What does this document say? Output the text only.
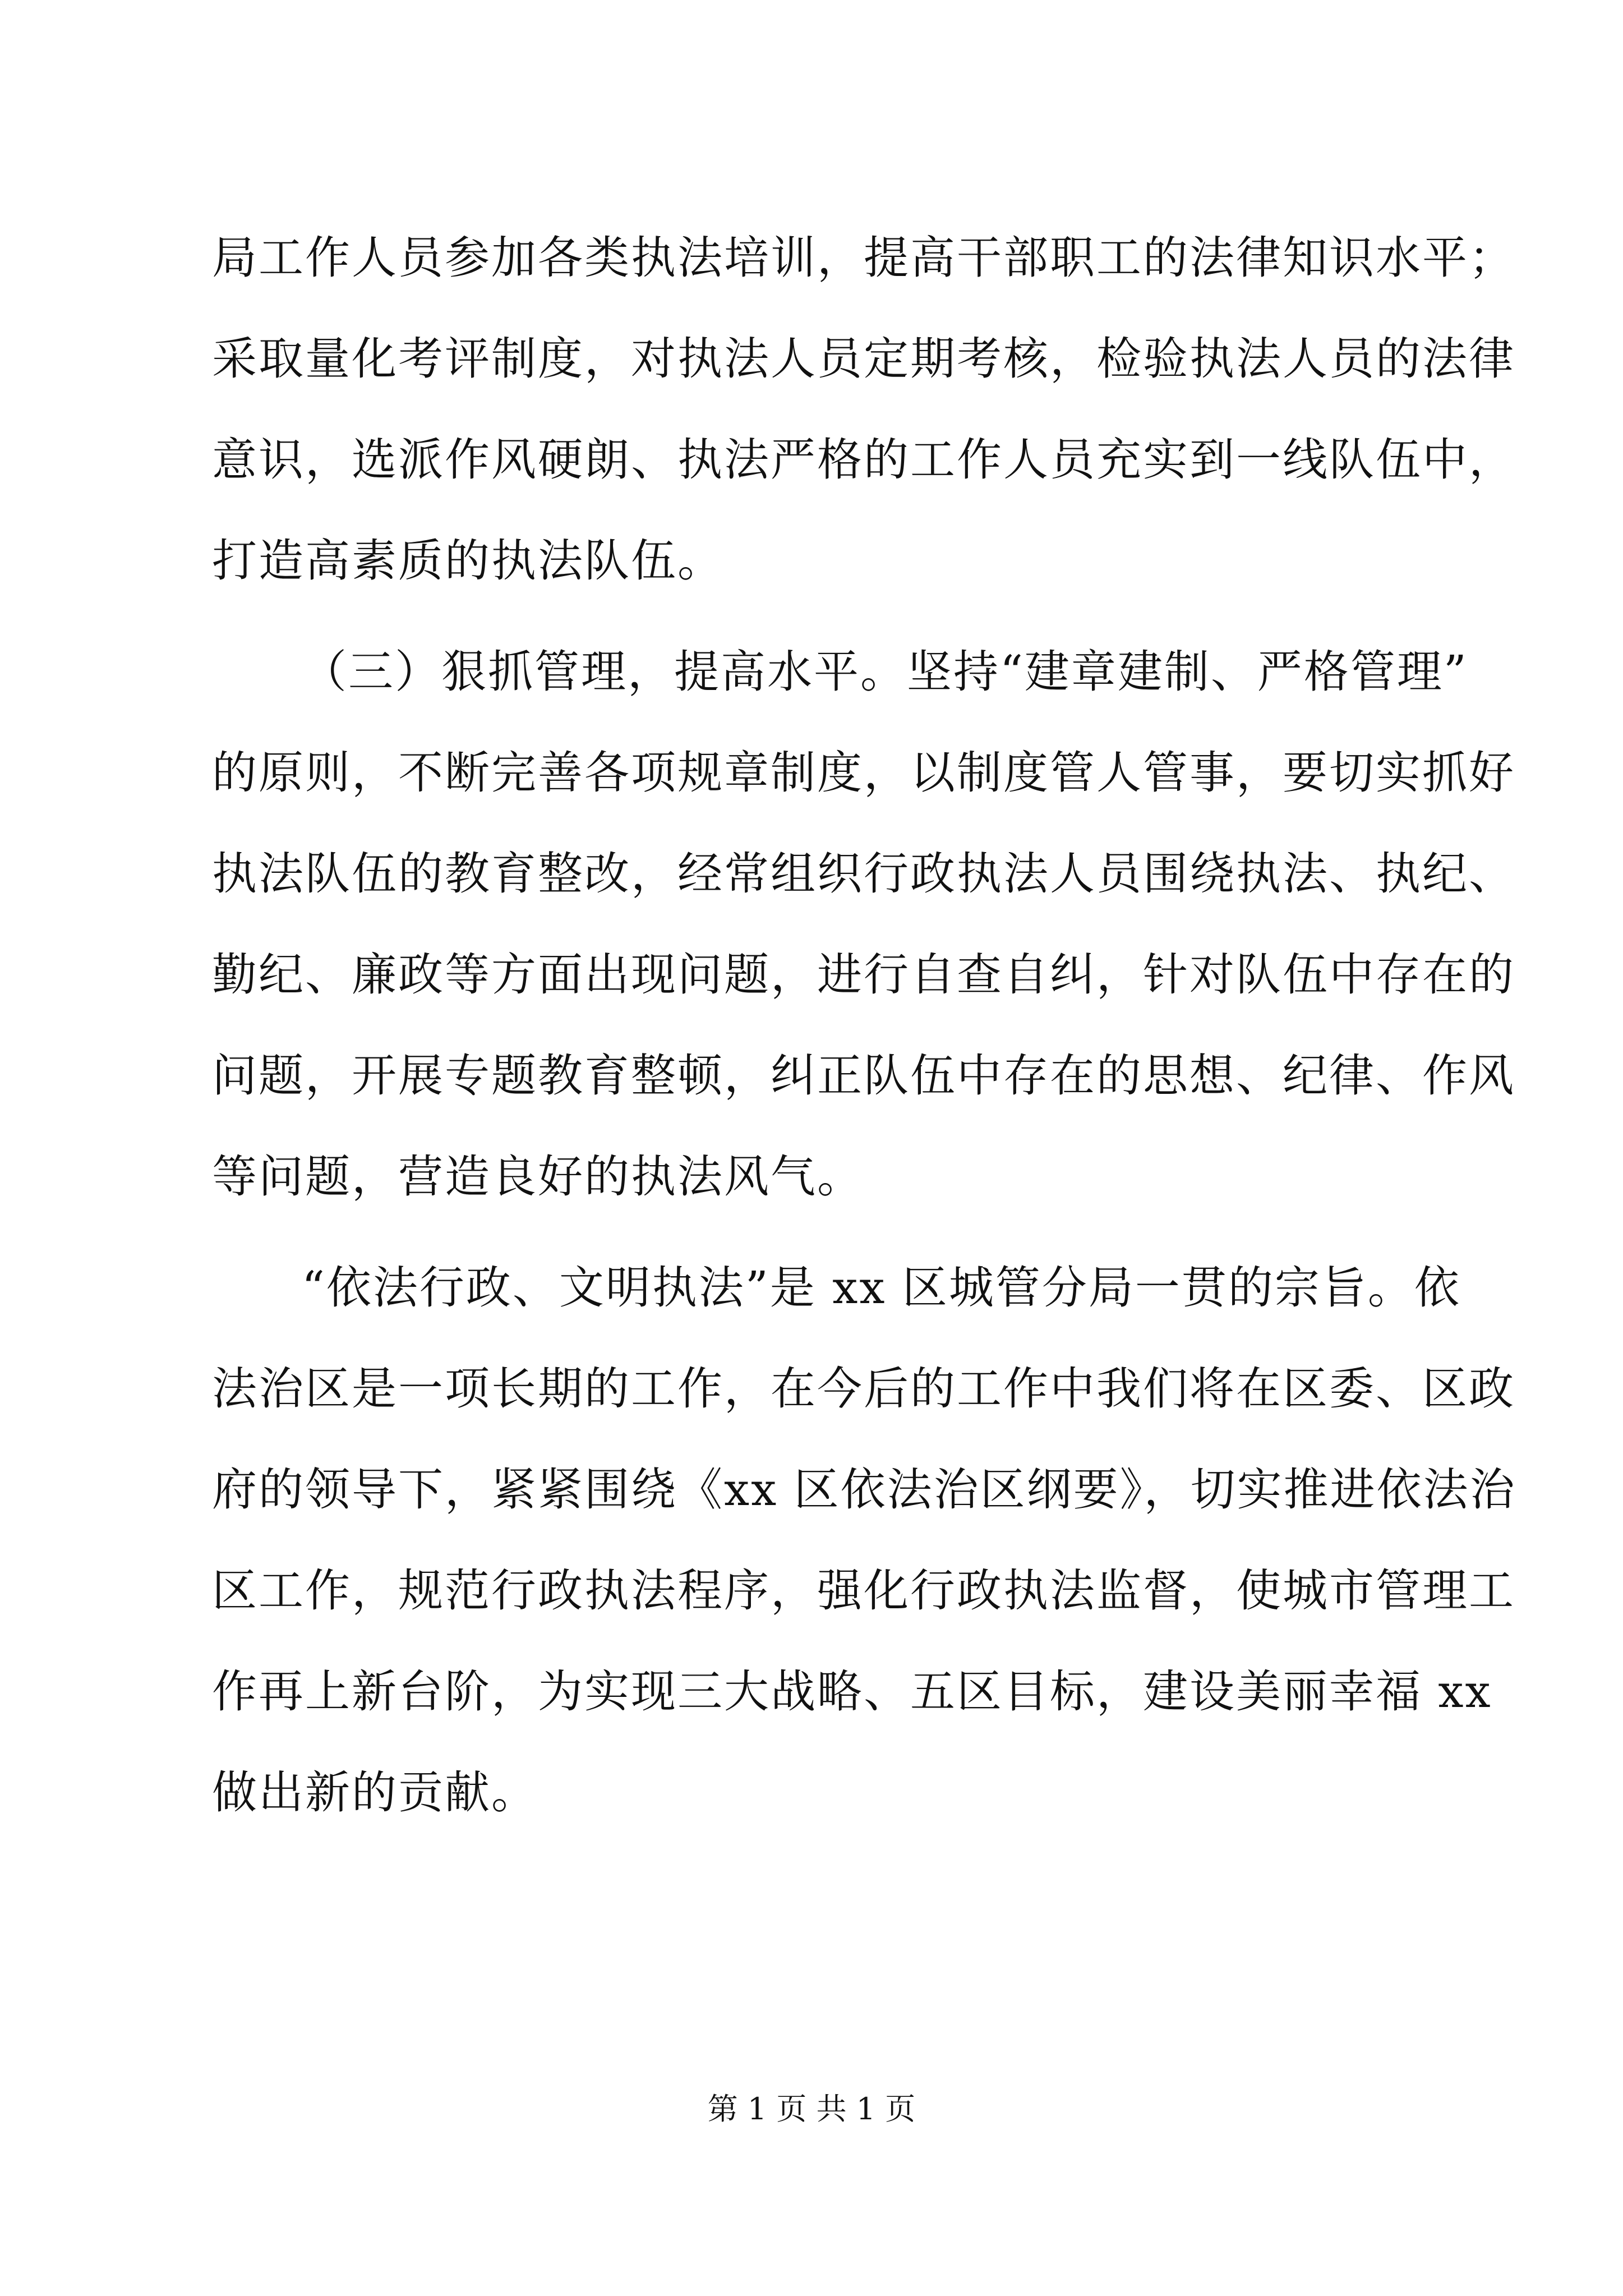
局工作人员参加各类执法培训，提高干部职工的法律知识水平；
采取量化考评制度，对执法人员定期考核，检验执法人员的法律
意识，选派作风硬朗、执法严格的工作人员充实到一线队伍中，
打造高素质的执法队伍。
（三）狠抓管理，提高水平。坚持“建章建制、严格管理”
的原则，不断完善各项规章制度，以制度管人管事，要切实抓好
执法队伍的教育整改，经常组织行政执法人员围绕执法、执纪、
勤纪、廉政等方面出现问题，进行自查自纠，针对队伍中存在的
问题，开展专题教育整顿，纠正队伍中存在的思想、纪律、作风
等问题，营造良好的执法风气。
“依法行政、文明执法”是 xx 区城管分局一贯的宗旨。依
法治区是一项长期的工作，在今后的工作中我们将在区委、区政
府的领导下，紧紧围绕《xx 区依法治区纲要》，切实推进依法治
区工作，规范行政执法程序，强化行政执法监督，使城市管理工
作再上新台阶，为实现三大战略、五区目标，建设美丽幸福 xx
做出新的贡献。
第 1 页 共 1 页
